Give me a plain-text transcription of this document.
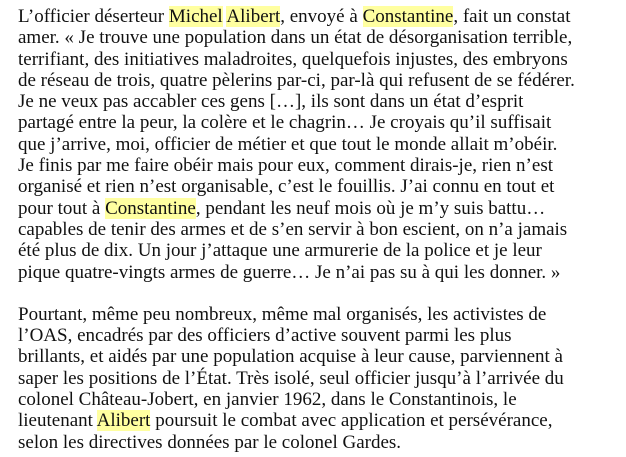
L’officier déserteur Michel Alibert, envoyé à Constantine, fait un constat
amer. « Je trouve une population dans un état de désorganisation terrible,
terrifiant, des initiatives maladroites, quelquefois injustes, des embryons
de réseau de trois, quatre pèlerins par-ci, par-là qui refusent de se fédérer.
Je ne veux pas accabler ces gens […], ils sont dans un état d’esprit
partagé entre la peur, la colère et le chagrin… Je croyais qu’il suffisait
que j’arrive, moi, officier de métier et que tout le monde allait m’obéir.
Je finis par me faire obéir mais pour eux, comment dirais-je, rien n’est
organisé et rien n’est organisable, c’est le fouillis. J’ai connu en tout et
pour tout à Constantine, pendant les neuf mois où je m’y suis battu…
capables de tenir des armes et de s’en servir à bon escient, on n’a jamais
été plus de dix. Un jour j’attaque une armurerie de la police et je leur
pique quatre-vingts armes de guerre… Je n’ai pas su à qui les donner. »

Pourtant, même peu nombreux, même mal organisés, les activistes de
l’OAS, encadrés par des officiers d’active souvent parmi les plus
brillants, et aidés par une population acquise à leur cause, parviennent à
saper les positions de l’État. Très isolé, seul officier jusqu’à l’arrivée du
colonel Château-Jobert, en janvier 1962, dans le Constantinois, le
lieutenant Alibert poursuit le combat avec application et persévérance,
selon les directives données par le colonel Gardes.
